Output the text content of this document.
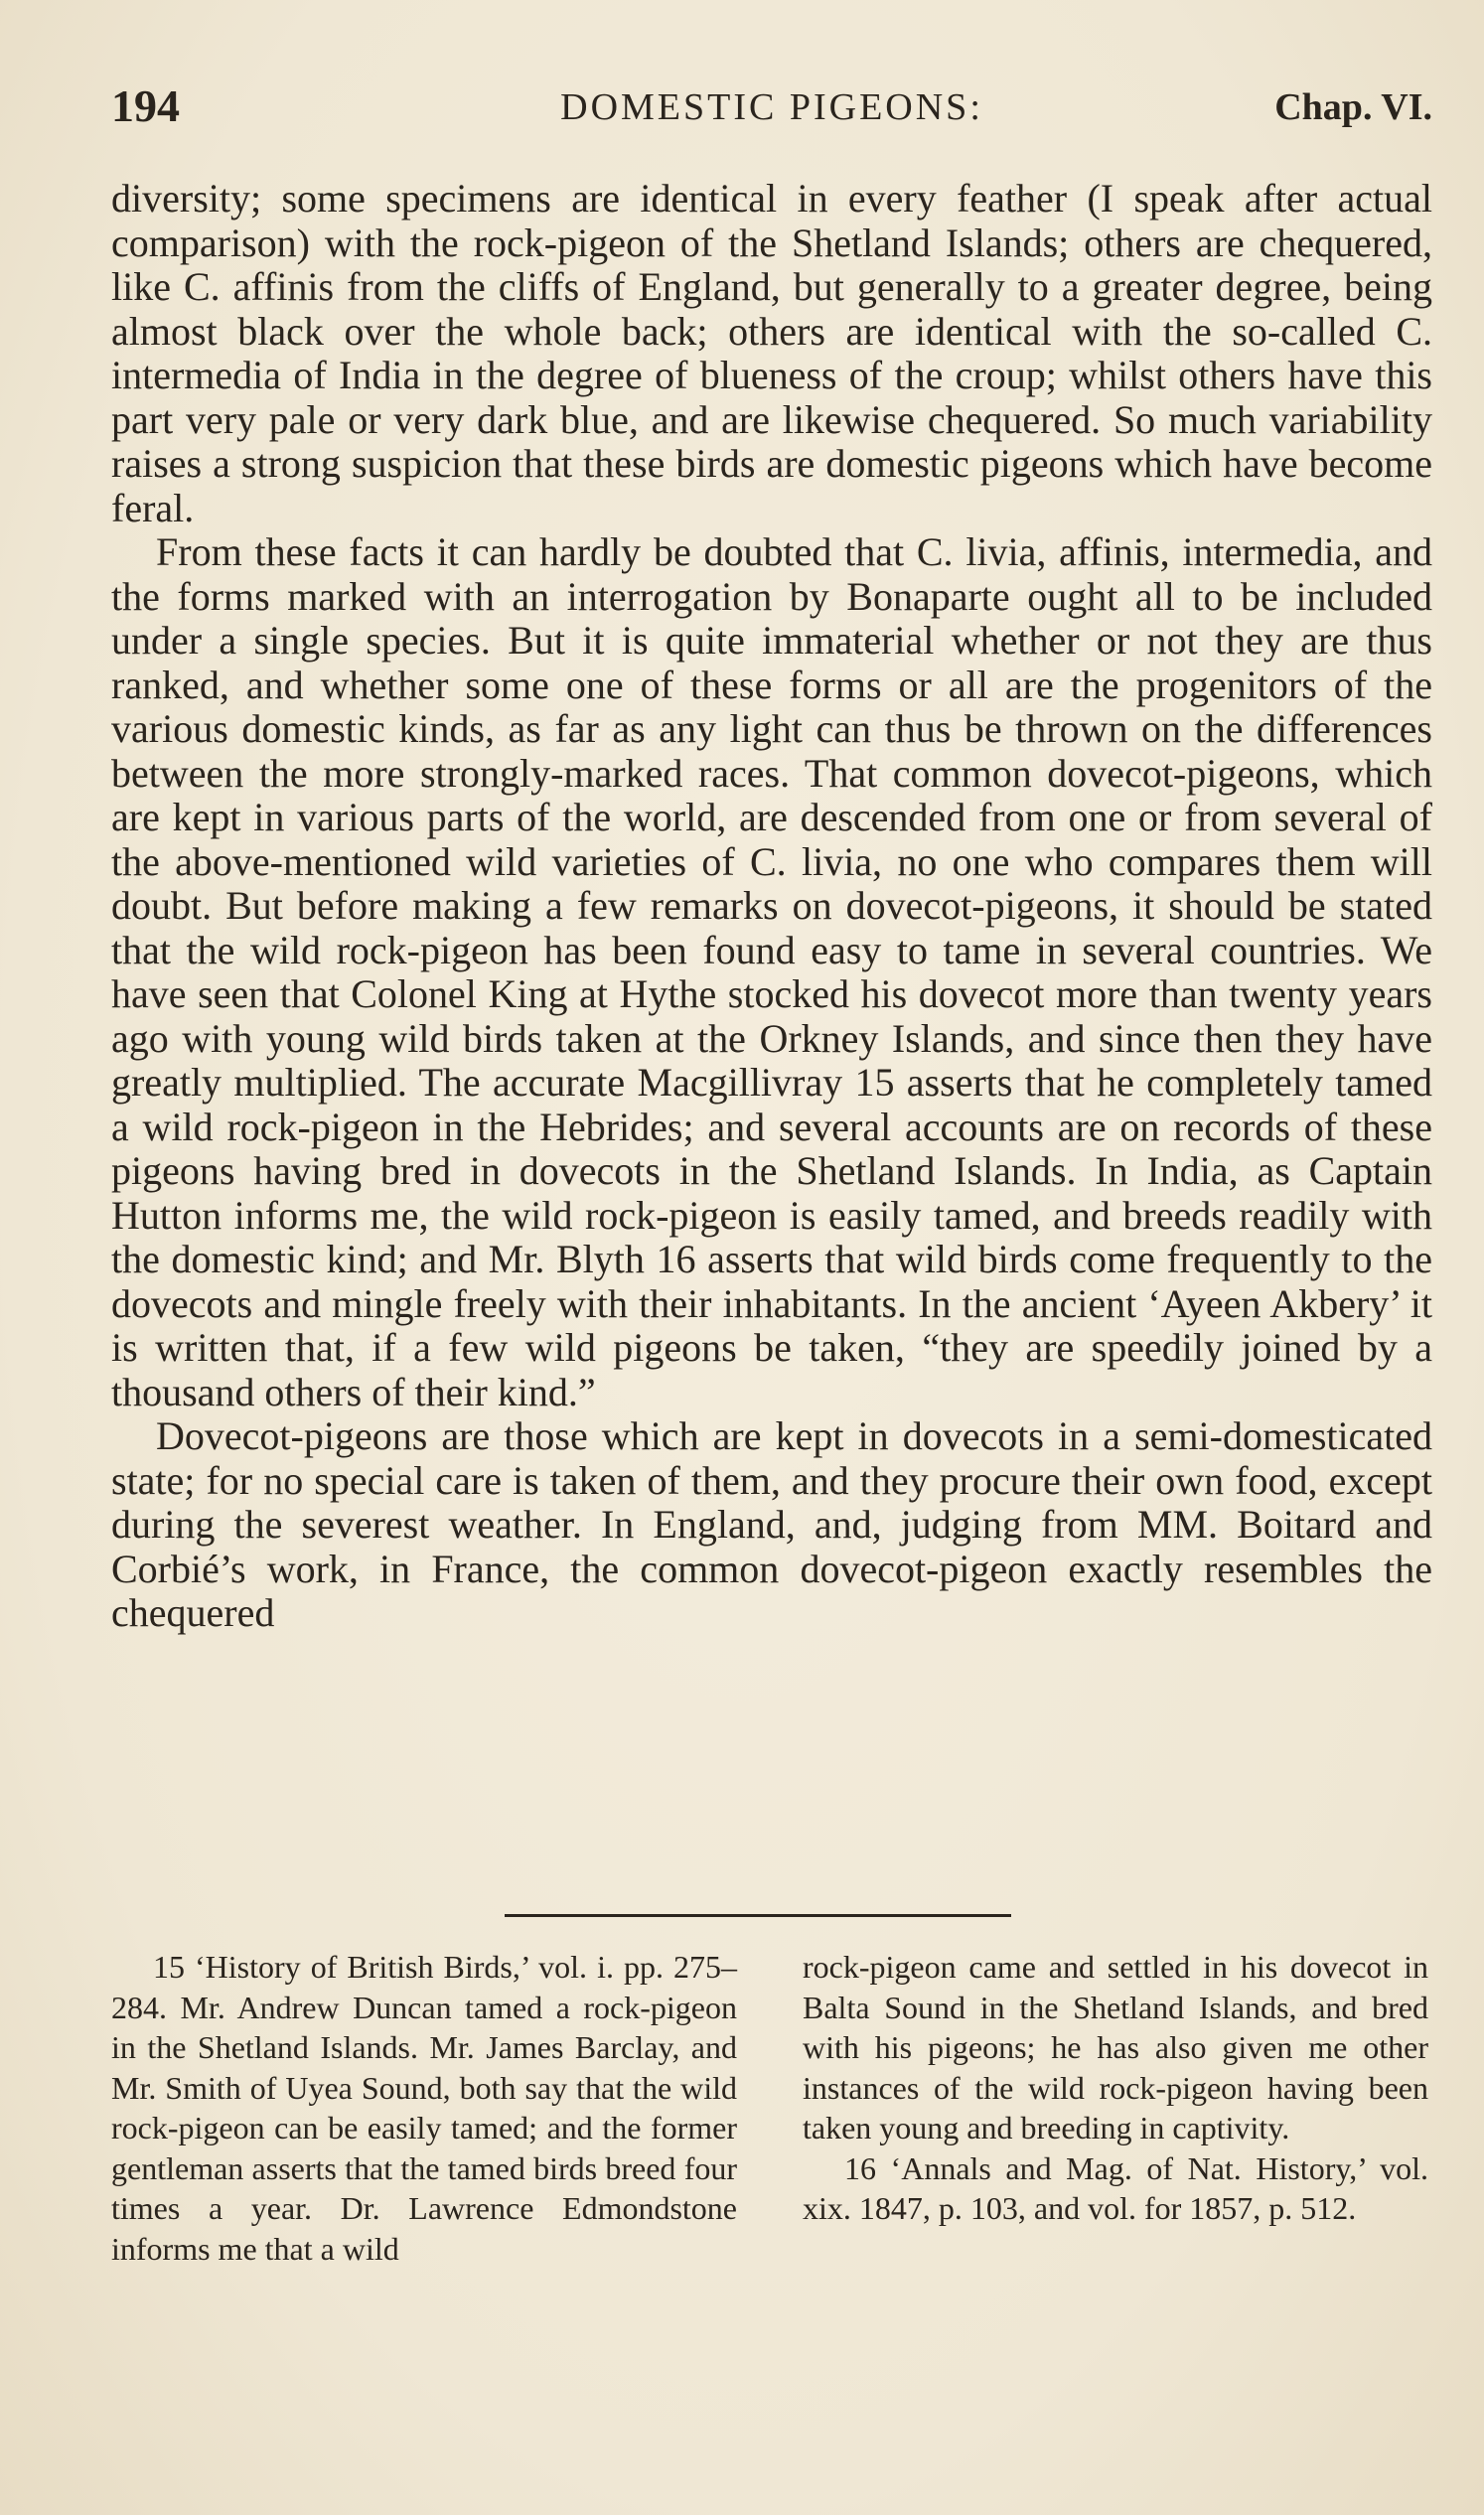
194	DOMESTIC PIGEONS:	Chap. VI.

diversity; some specimens are identical in every feather (I speak after actual comparison) with the rock-pigeon of the Shetland Islands; others are chequered, like C. affinis from the cliffs of England, but generally to a greater degree, being almost black over the whole back; others are identical with the so-called C. intermedia of India in the degree of blueness of the croup; whilst others have this part very pale or very dark blue, and are likewise chequered. So much variability raises a strong suspicion that these birds are domestic pigeons which have become feral.

From these facts it can hardly be doubted that C. livia, affinis, intermedia, and the forms marked with an interrogation by Bonaparte ought all to be included under a single species. But it is quite immaterial whether or not they are thus ranked, and whether some one of these forms or all are the progenitors of the various domestic kinds, as far as any light can thus be thrown on the differences between the more strongly-marked races. That common dovecot-pigeons, which are kept in various parts of the world, are descended from one or from several of the above-mentioned wild varieties of C. livia, no one who compares them will doubt. But before making a few remarks on dovecot-pigeons, it should be stated that the wild rock-pigeon has been found easy to tame in several countries. We have seen that Colonel King at Hythe stocked his dovecot more than twenty years ago with young wild birds taken at the Orkney Islands, and since then they have greatly multiplied. The accurate Macgillivray 15 asserts that he completely tamed a wild rock-pigeon in the Hebrides; and several accounts are on records of these pigeons having bred in dovecots in the Shetland Islands. In India, as Captain Hutton informs me, the wild rock-pigeon is easily tamed, and breeds readily with the domestic kind; and Mr. Blyth 16 asserts that wild birds come frequently to the dovecots and mingle freely with their inhabitants. In the ancient ‘Ayeen Akbery’ it is written that, if a few wild pigeons be taken, “they are speedily joined by a thousand others of their kind.”

Dovecot-pigeons are those which are kept in dovecots in a semi-domesticated state; for no special care is taken of them, and they procure their own food, except during the severest weather. In England, and, judging from MM. Boitard and Corbié’s work, in France, the common dovecot-pigeon exactly resembles the chequered

15 ‘History of British Birds,’ vol. i. pp. 275–284. Mr. Andrew Duncan tamed a rock-pigeon in the Shetland Islands. Mr. James Barclay, and Mr. Smith of Uyea Sound, both say that the wild rock-pigeon can be easily tamed; and the former gentleman asserts that the tamed birds breed four times a year. Dr. Lawrence Edmondstone informs me that a wild

rock-pigeon came and settled in his dovecot in Balta Sound in the Shetland Islands, and bred with his pigeons; he has also given me other instances of the wild rock-pigeon having been taken young and breeding in captivity.

16 ‘Annals and Mag. of Nat. History,’ vol. xix. 1847, p. 103, and vol. for 1857, p. 512.
